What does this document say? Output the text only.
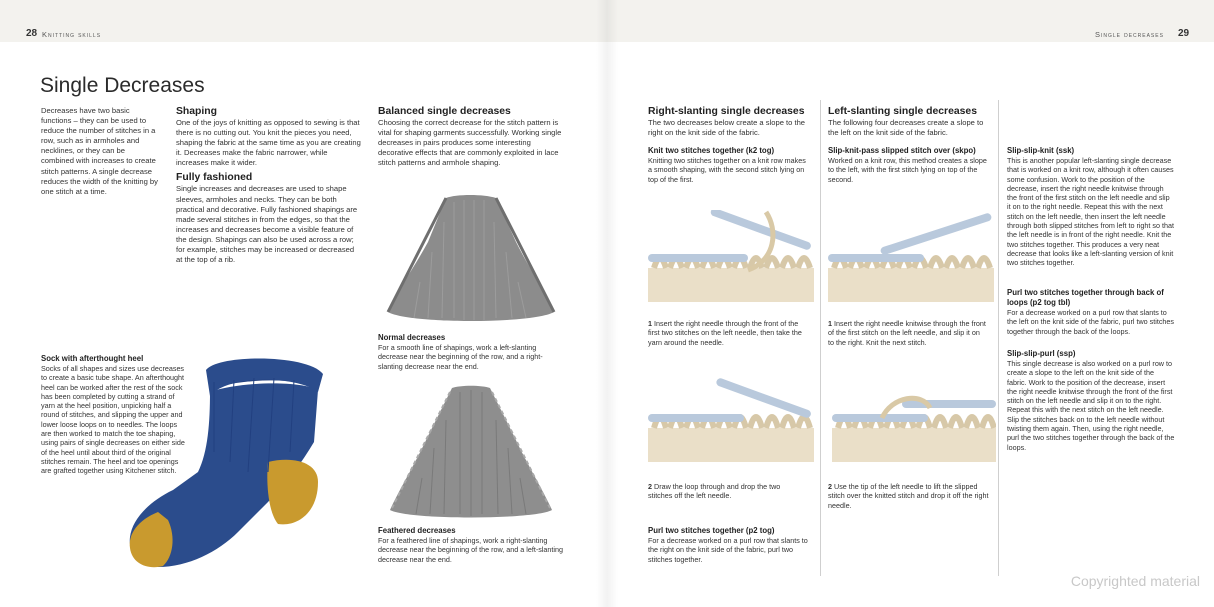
28 Knitting skills	Single decreases 29
Single Decreases

Decreases have two basic functions – they can be used to reduce the number of stitches in a row, such as in armholes and necklines, or they can be combined with increases to create stitch patterns. A single decrease reduces the width of the knitting by one stitch at a time.

Shaping

One of the joys of knitting as opposed to sewing is that there is no cutting out. You knit the pieces you need, shaping the fabric at the same time as you are creating it. Decreases make the fabric narrower, while increases make it wider.

Fully fashioned

Single increases and decreases are used to shape sleeves, armholes and necks. They can be both practical and decorative. Fully fashioned shapings are made several stitches in from the edges, so that the increases and decreases become a visible feature of the design. Shapings can also be used across a row; for example, stitches may be increased or decreased at the top of a rib.

Sock with afterthought heel

Socks of all shapes and sizes use decreases to create a basic tube shape. An afterthought heel can be worked after the rest of the sock has been completed by cutting a strand of yarn at the heel position, unpicking half a round of stitches, and slipping the upper and lower loose loops on to needles. The loops are then worked to match the toe shaping, using pairs of single decreases on either side of the heel until about third of the original stitches remain. The heel and toe openings are grafted together using Kitchener stitch.

Balanced single decreases

Choosing the correct decrease for the stitch pattern is vital for shaping garments successfully. Working single decreases in pairs produces some interesting decorative effects that are commonly exploited in lace stitch patterns and armhole shaping.

Normal decreases

For a smooth line of shapings, work a left-slanting decrease near the beginning of the row, and a right-slanting decrease near the end.

Feathered decreases

For a feathered line of shapings, work a right-slanting decrease near the beginning of the row, and a left-slanting decrease near the end.

Right-slanting single decreases

The two decreases below create a slope to the right on the knit side of the fabric.

Knit two stitches together (k2 tog)

Knitting two stitches together on a knit row makes a smooth shaping, with the second stitch lying on top of the first.

1 Insert the right needle through the front of the first two stitches on the left needle, then take the yarn around the needle.

2 Draw the loop through and drop the two stitches off the left needle.

Purl two stitches together (p2 tog)

For a decrease worked on a purl row that slants to the right on the knit side of the fabric, purl two stitches together.

Left-slanting single decreases

The following four decreases create a slope to the left on the knit side of the fabric.

Slip-knit-pass slipped stitch over (skpo)

Worked on a knit row, this method creates a slope to the left, with the first stitch lying on top of the second.

1 Insert the right needle knitwise through the front of the first stitch on the left needle, and slip it on to the right. Knit the next stitch.

2 Use the tip of the left needle to lift the slipped stitch over the knitted stitch and drop it off the right needle.

Slip-slip-knit (ssk)

This is another popular left-slanting single decrease that is worked on a knit row, although it often causes some confusion. Work to the position of the decrease, insert the right needle knitwise through the front of the first stitch on the left needle and slip it on to the right needle. Repeat this with the next stitch on the left needle, then insert the left needle through both slipped stitches from left to right so that the left needle is in front of the right needle. Knit the two stitches together. This produces a very neat decrease that looks like a left-slanting version of knit two stitches together.

Purl two stitches together through back of loops (p2 tog tbl)

For a decrease worked on a purl row that slants to the left on the knit side of the fabric, purl two stitches together through the back of the loops.

Slip-slip-purl (ssp)

This single decrease is also worked on a purl row to create a slope to the left on the knit side of the fabric. Work to the position of the decrease, insert the right needle knitwise through the front of the first stitch on the left needle and slip it on to the right. Repeat this with the next stitch on the left needle. Slip the stitches back on to the left needle without twisting them again. Then, using the right needle, purl the two stitches together through the back of the loops.

Copyrighted material
